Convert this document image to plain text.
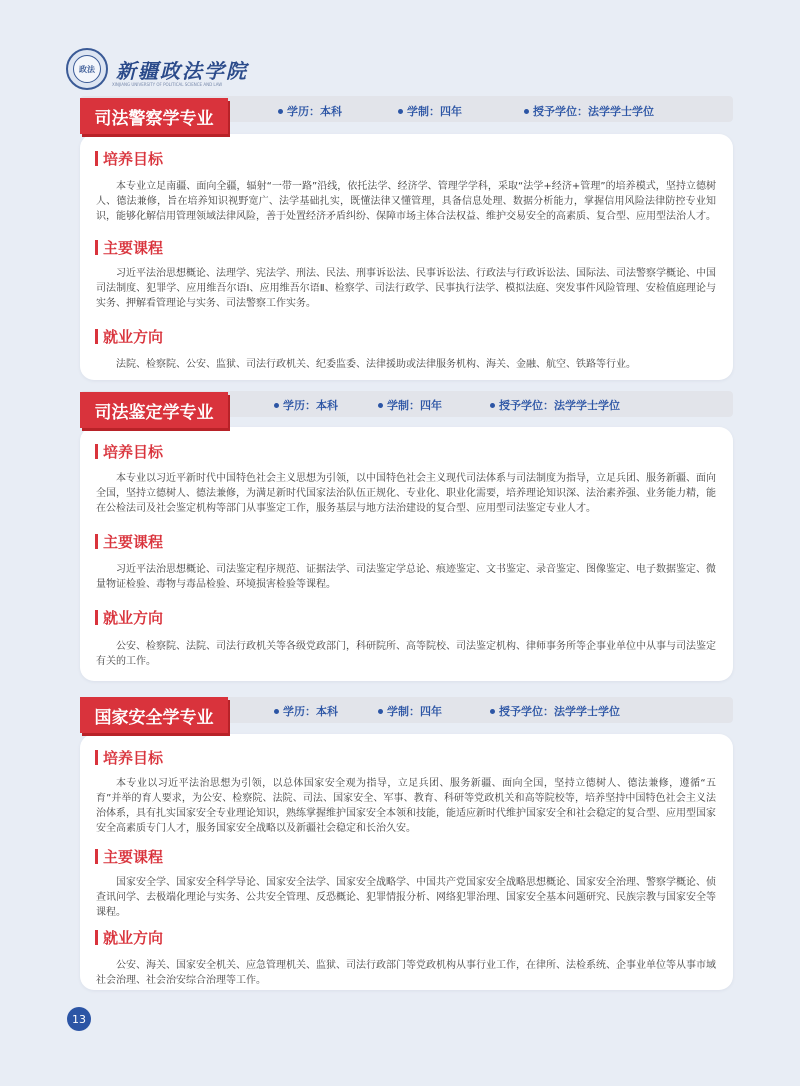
政法	新疆政法学院
XINJIANG UNIVERSITY OF POLITICAL SCIENCE AND LAW
司法警察学专业	学历：本科	学制：四年	授予学位：法学学士学位
培养目标
本专业立足南疆、面向全疆，辐射“一带一路”沿线，依托法学、经济学、管理学学科，采取“法学+经济+管理”的培养模式，坚持立德树人、德法兼修，旨在培养知识视野宽广、法学基础扎实，既懂法律又懂管理，具备信息处理、数据分析能力，掌握信用风险法律防控专业知识，能够化解信用管理领域法律风险，善于处置经济矛盾纠纷、保障市场主体合法权益、维护交易安全的高素质、复合型、应用型法治人才。
主要课程
习近平法治思想概论、法理学、宪法学、刑法、民法、刑事诉讼法、民事诉讼法、行政法与行政诉讼法、国际法、司法警察学概论、中国司法制度、犯罪学、应用维吾尔语Ⅰ、应用维吾尔语Ⅱ、检察学、司法行政学、民事执行法学、模拟法庭、突发事件风险管理、安检值庭理论与实务、押解看管理论与实务、司法警察工作实务。
就业方向
法院、检察院、公安、监狱、司法行政机关、纪委监委、法律援助或法律服务机构、海关、金融、航空、铁路等行业。
司法鉴定学专业	学历：本科	学制：四年	授予学位：法学学士学位
培养目标
本专业以习近平新时代中国特色社会主义思想为引领，以中国特色社会主义现代司法体系与司法制度为指导，立足兵团、服务新疆、面向全国，坚持立德树人、德法兼修，为满足新时代国家法治队伍正规化、专业化、职业化需要，培养理论知识深、法治素养强、业务能力精，能在公检法司及社会鉴定机构等部门从事鉴定工作，服务基层与地方法治建设的复合型、应用型司法鉴定专业人才。
主要课程
习近平法治思想概论、司法鉴定程序规范、证据法学、司法鉴定学总论、痕迹鉴定、文书鉴定、录音鉴定、图像鉴定、电子数据鉴定、微量物证检验、毒物与毒品检验、环境损害检验等课程。
就业方向
公安、检察院、法院、司法行政机关等各级党政部门，科研院所、高等院校、司法鉴定机构、律师事务所等企事业单位中从事与司法鉴定有关的工作。
国家安全学专业	学历：本科	学制：四年	授予学位：法学学士学位
培养目标
本专业以习近平法治思想为引领，以总体国家安全观为指导，立足兵团、服务新疆、面向全国，坚持立德树人、德法兼修，遵循“五育”并举的育人要求，为公安、检察院、法院、司法、国家安全、军事、教育、科研等党政机关和高等院校等，培养坚持中国特色社会主义法治体系，具有扎实国家安全专业理论知识，熟练掌握维护国家安全本领和技能，能适应新时代维护国家安全和社会稳定的复合型、应用型国家安全高素质专门人才，服务国家安全战略以及新疆社会稳定和长治久安。
主要课程
国家安全学、国家安全科学导论、国家安全法学、国家安全战略学、中国共产党国家安全战略思想概论、国家安全治理、警察学概论、侦查讯问学、去极端化理论与实务、公共安全管理、反恐概论、犯罪情报分析、网络犯罪治理、国家安全基本问题研究、民族宗教与国家安全等课程。
就业方向
公安、海关、国家安全机关、应急管理机关、监狱、司法行政部门等党政机构从事行业工作，在律所、法检系统、企事业单位等从事市域社会治理、社会治安综合治理等工作。
13
